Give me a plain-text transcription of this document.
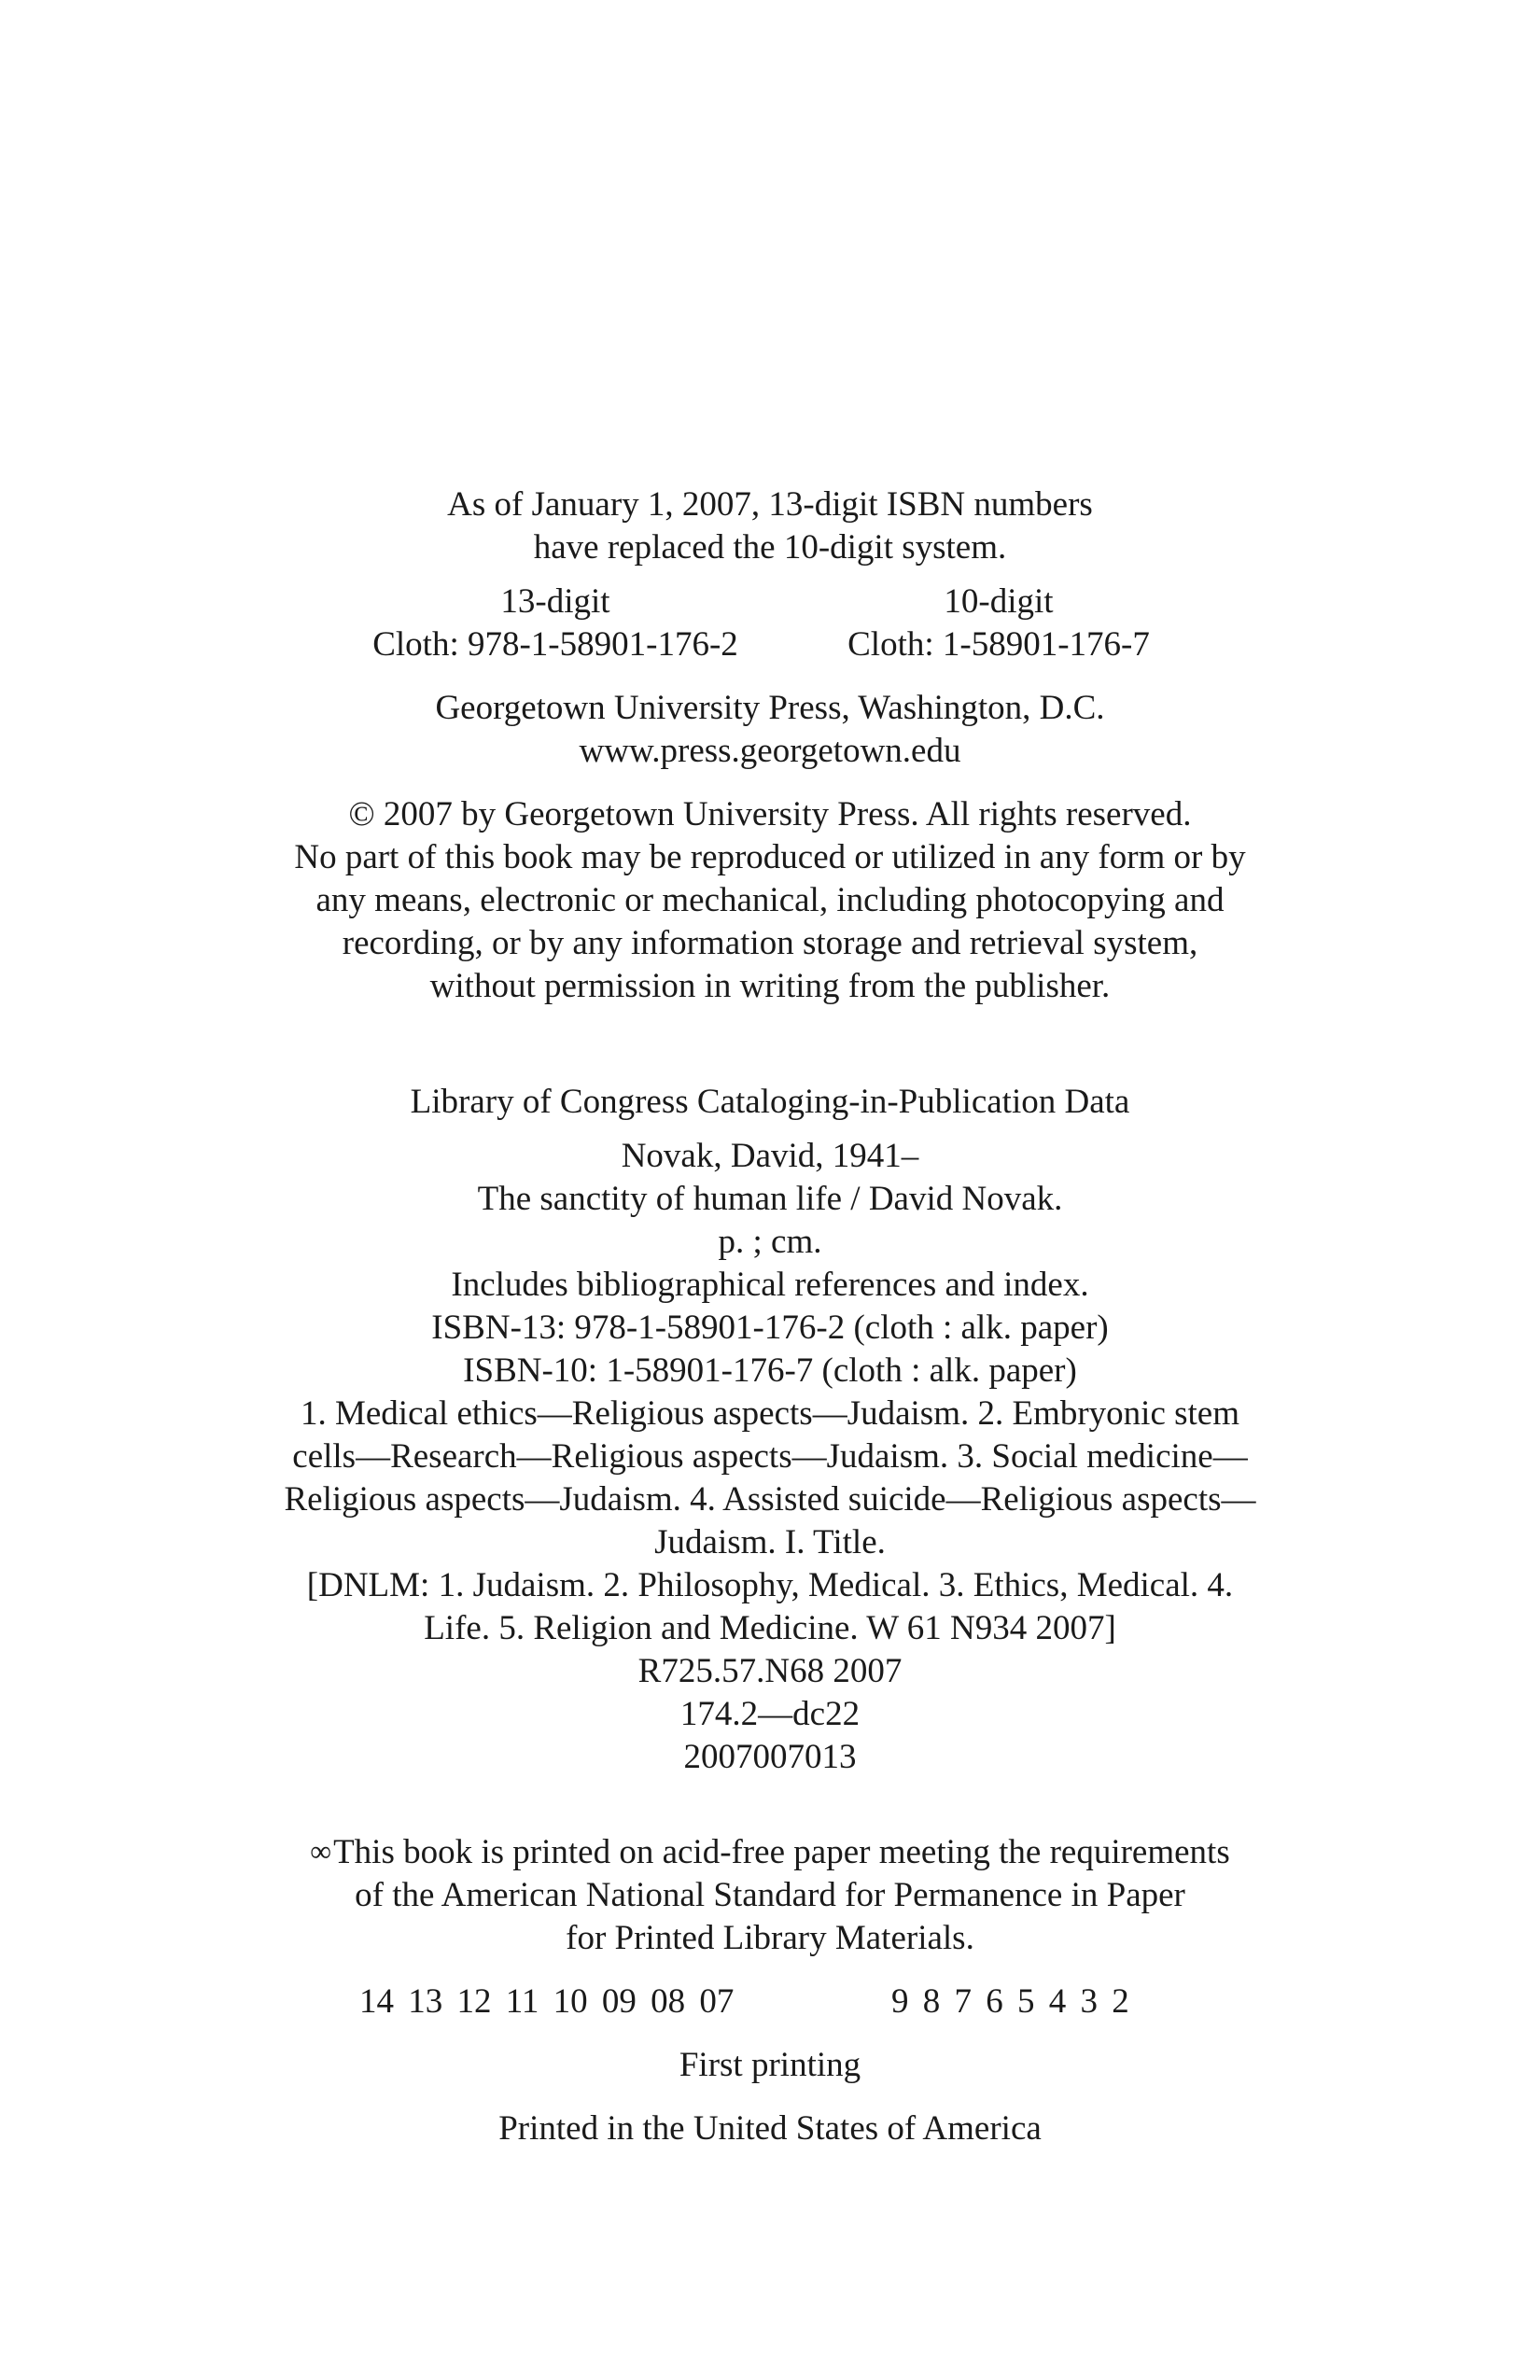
As of January 1, 2007, 13-digit ISBN numbers
have replaced the 10-digit system.
13-digit
Cloth: 978-1-58901-176-2
10-digit
Cloth: 1-58901-176-7
Georgetown University Press, Washington, D.C.
www.press.georgetown.edu
© 2007 by Georgetown University Press. All rights reserved.
No part of this book may be reproduced or utilized in any form or by
any means, electronic or mechanical, including photocopying and
recording, or by any information storage and retrieval system,
without permission in writing from the publisher.
Library of Congress Cataloging-in-Publication Data
Novak, David, 1941–
The sanctity of human life / David Novak.
p. ; cm.
Includes bibliographical references and index.
ISBN-13: 978-1-58901-176-2 (cloth : alk. paper)
ISBN-10: 1-58901-176-7 (cloth : alk. paper)
1. Medical ethics—Religious aspects—Judaism. 2. Embryonic stem
cells—Research—Religious aspects—Judaism. 3. Social medicine—
Religious aspects—Judaism. 4. Assisted suicide—Religious aspects—
Judaism. I. Title.
[DNLM: 1. Judaism. 2. Philosophy, Medical. 3. Ethics, Medical. 4.
Life. 5. Religion and Medicine. W 61 N934 2007]
R725.57.N68 2007
174.2—dc22
2007007013
∞This book is printed on acid-free paper meeting the requirements
of the American National Standard for Permanence in Paper
for Printed Library Materials.
14 13 12 11 10 09 08 07	9 8 7 6 5 4 3 2
First printing
Printed in the United States of America
